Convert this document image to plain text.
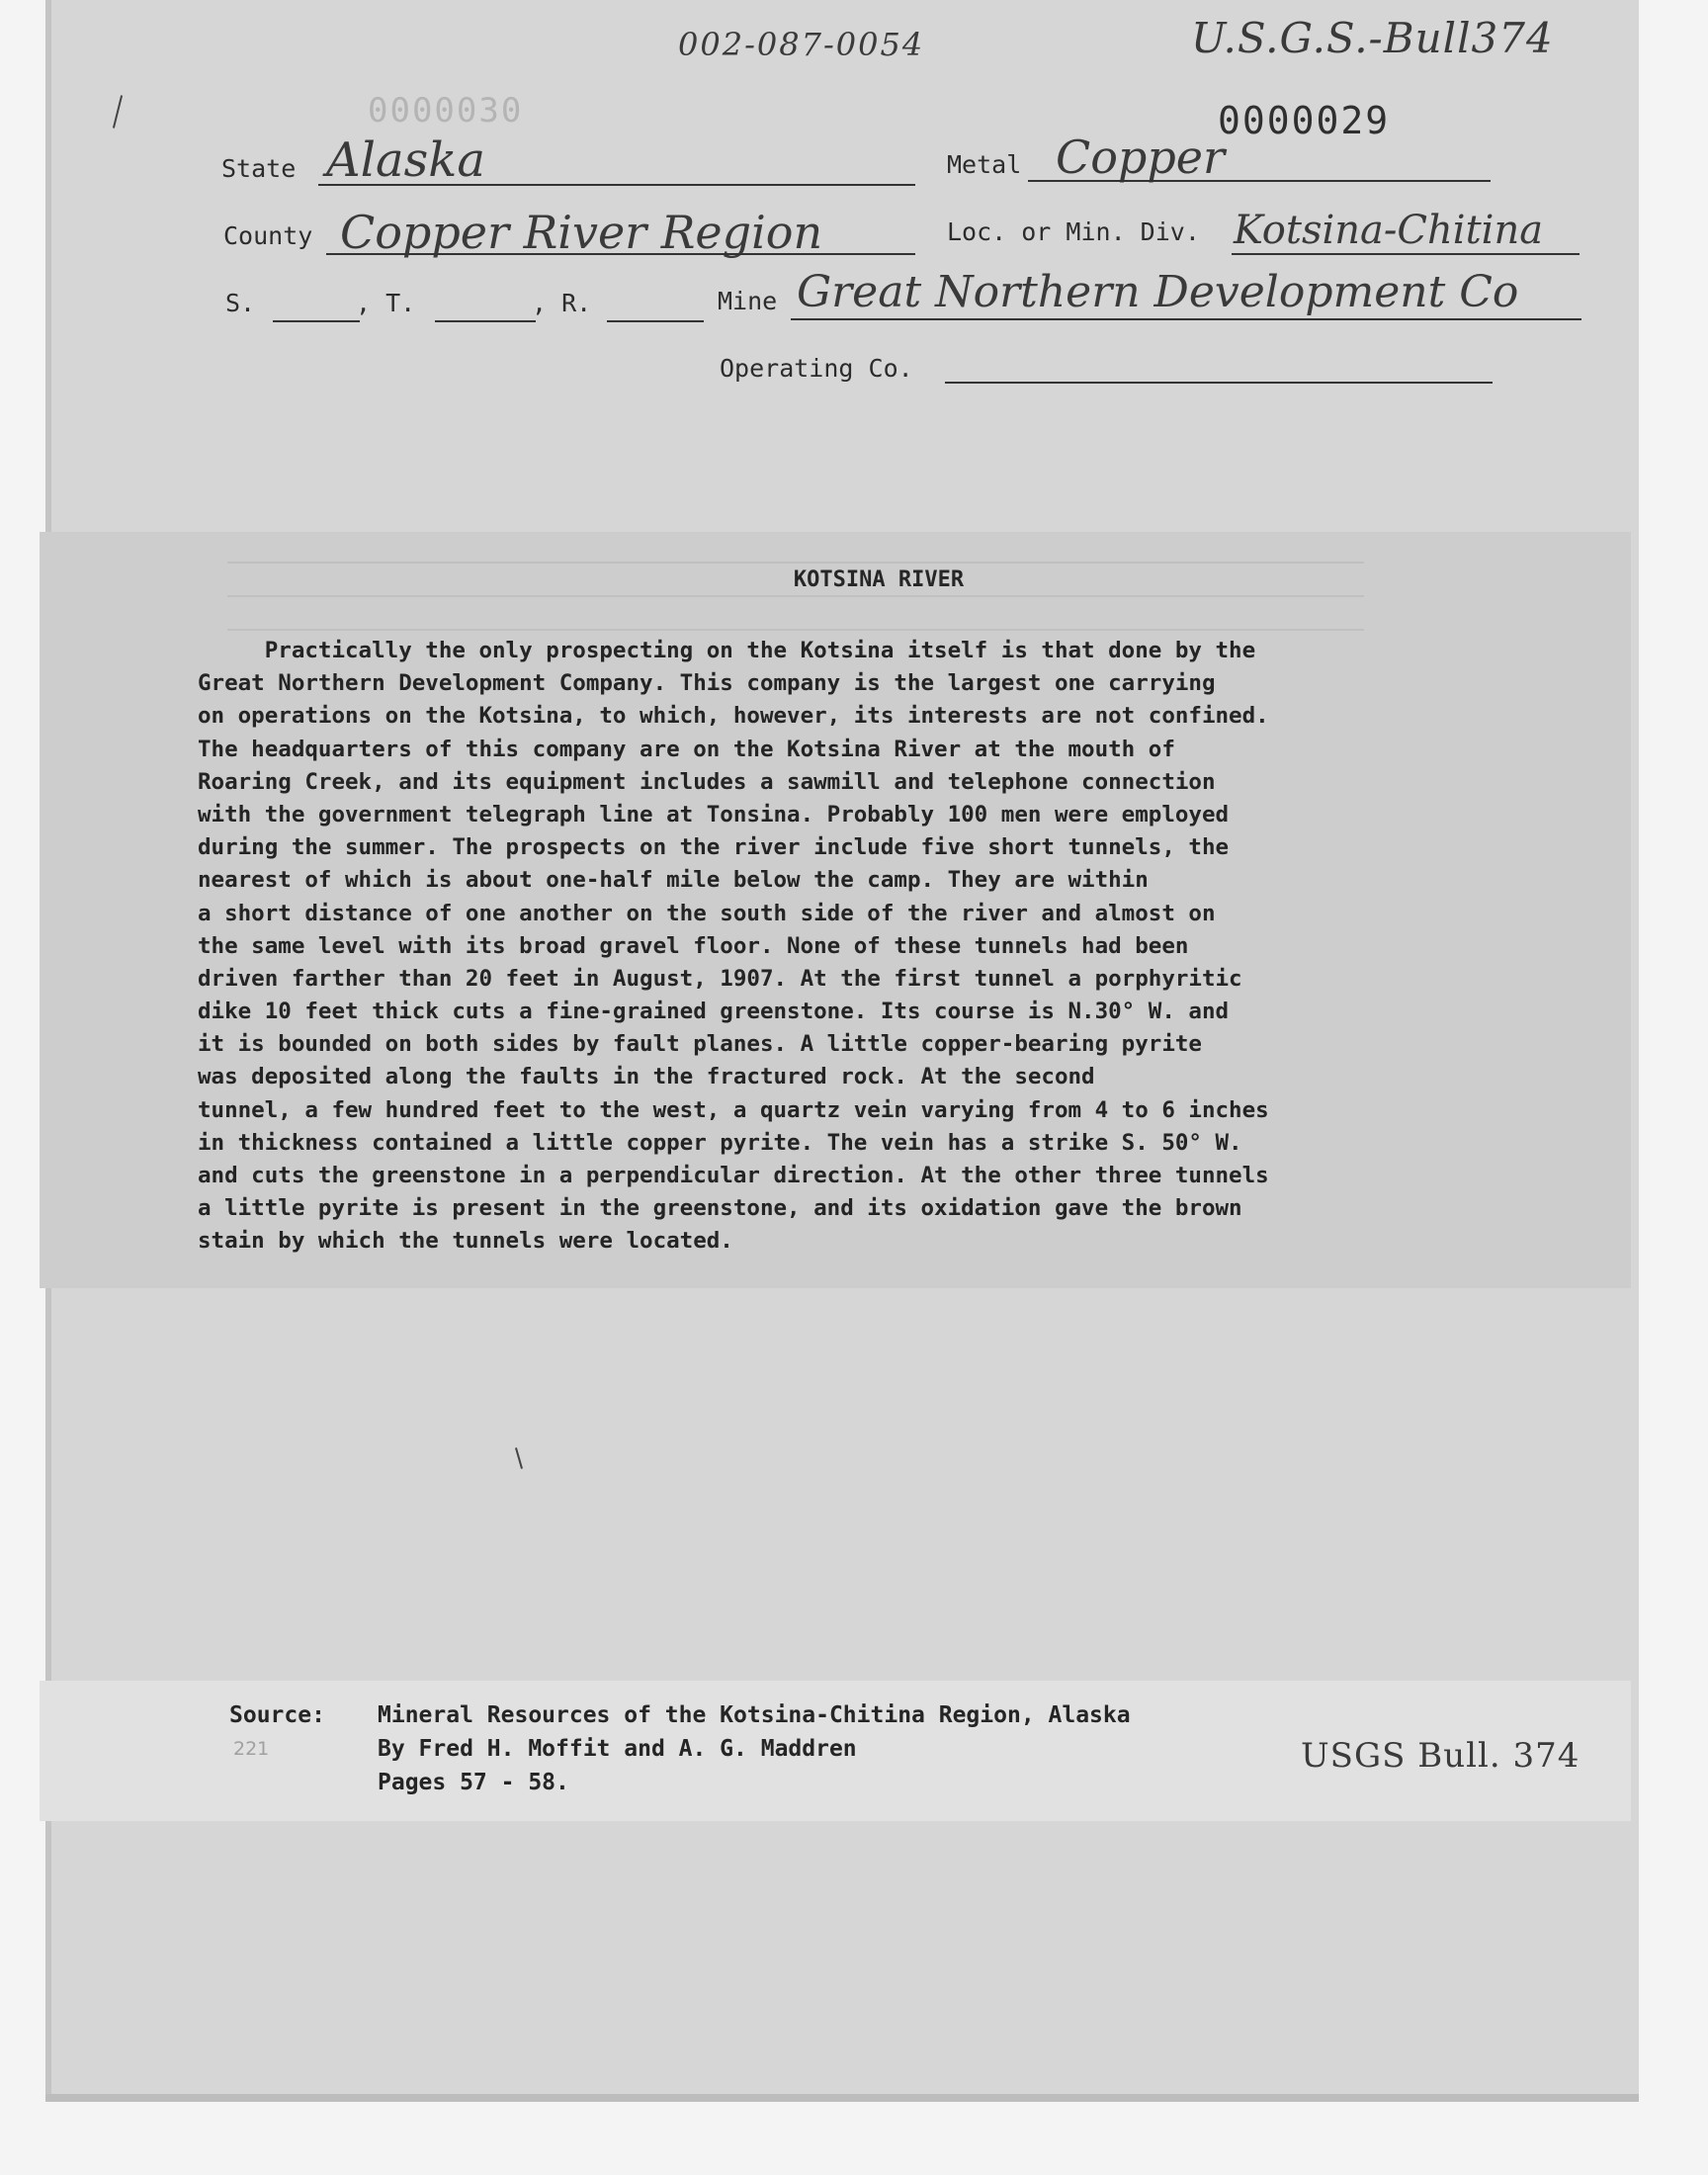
002-087-0054	U.S.G.S.-Bull374
0000030	0000029
State Alaska	Metal Copper
County Copper River Region	Loc. or Min. Div. Kotsina-Chitina
S.	, T.	, R.	Mine Great Northern Development Co
Operating Co.
KOTSINA RIVER
Practically the only prospecting on the Kotsina itself is that done by the
Great Northern Development Company. This company is the largest one carrying
on operations on the Kotsina, to which, however, its interests are not confined.
The headquarters of this company are on the Kotsina River at the mouth of
Roaring Creek, and its equipment includes a sawmill and telephone connection
with the government telegraph line at Tonsina. Probably 100 men were employed
during the summer. The prospects on the river include five short tunnels, the
nearest of which is about one-half mile below the camp. They are within
a short distance of one another on the south side of the river and almost on
the same level with its broad gravel floor. None of these tunnels had been
driven farther than 20 feet in August, 1907. At the first tunnel a porphyritic
dike 10 feet thick cuts a fine-grained greenstone. Its course is N.30° W. and
it is bounded on both sides by fault planes. A little copper-bearing pyrite
was deposited along the faults in the fractured rock. At the second
tunnel, a few hundred feet to the west, a quartz vein varying from 4 to 6 inches
in thickness contained a little copper pyrite. The vein has a strike S. 50° W.
and cuts the greenstone in a perpendicular direction. At the other three tunnels
a little pyrite is present in the greenstone, and its oxidation gave the brown
stain by which the tunnels were located.
Source:
221
Mineral Resources of the Kotsina-Chitina Region, Alaska
By Fred H. Moffit and A. G. Maddren
Pages 57 - 58.
USGS Bull. 374
